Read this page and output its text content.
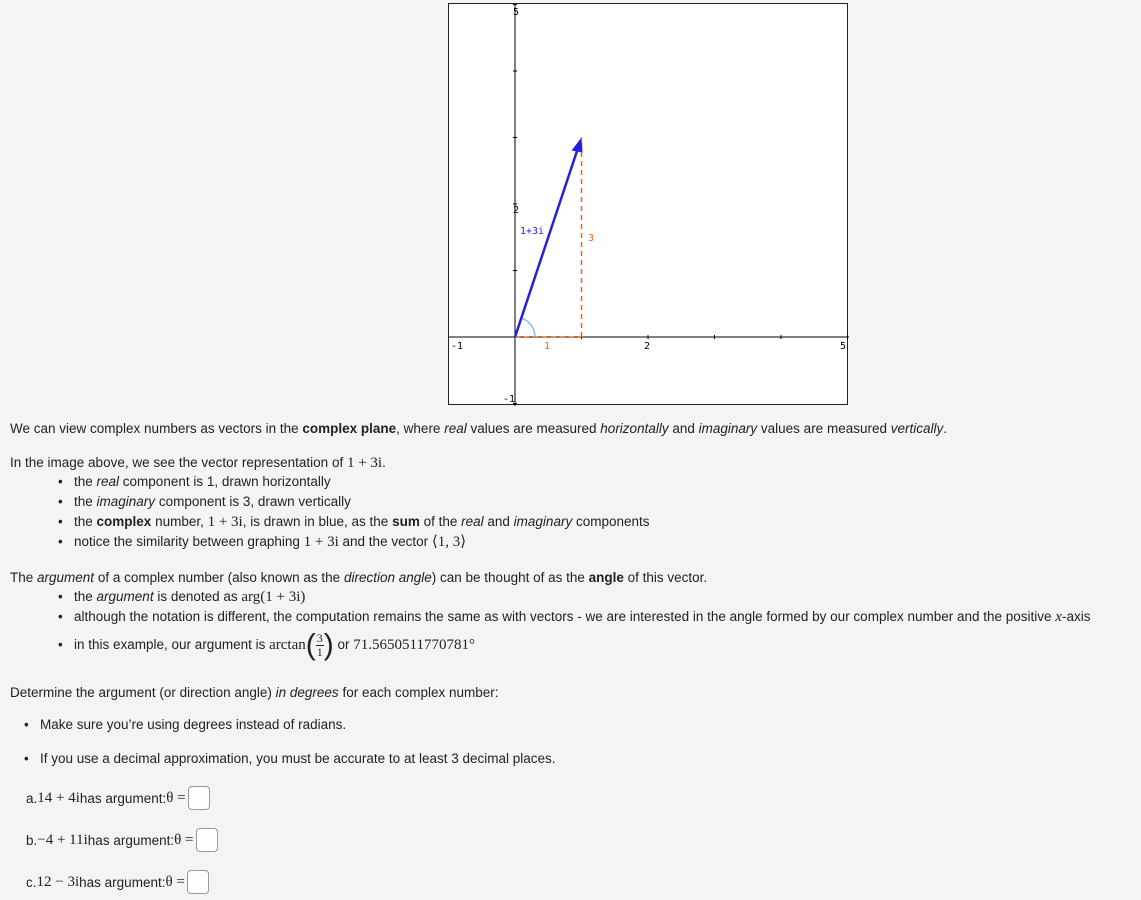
5
2
-1
-1	1	2	5
1+3i
3
We can view complex numbers as vectors in the complex plane, where real values are measured horizontally and imaginary values are measured vertically.
In the image above, we see the vector representation of 1 + 3i.
• the real component is 1, drawn horizontally
• the imaginary component is 3, drawn vertically
• the complex number, 1 + 3i, is drawn in blue, as the sum of the real and imaginary components
• notice the similarity between graphing 1 + 3i and the vector ⟨1, 3⟩
The argument of a complex number (also known as the direction angle) can be thought of as the angle of this vector.
• the argument is denoted as arg(1 + 3i)
• although the notation is different, the computation remains the same as with vectors - we are interested in the angle formed by our complex number and the positive x-axis
• in this example, our argument is $\arctan( \frac{3}{1}$ ) or 71.5650511770781°
Determine the argument (or direction angle) in degrees for each complex number:
• Make sure you’re using degrees instead of radians.
• If you use a decimal approximation, you must be accurate to at least 3 decimal places.
a. 14 + 4i has argument: θ =
b. −4 + 11i has argument: θ =
c. 12 − 3i has argument: θ =
